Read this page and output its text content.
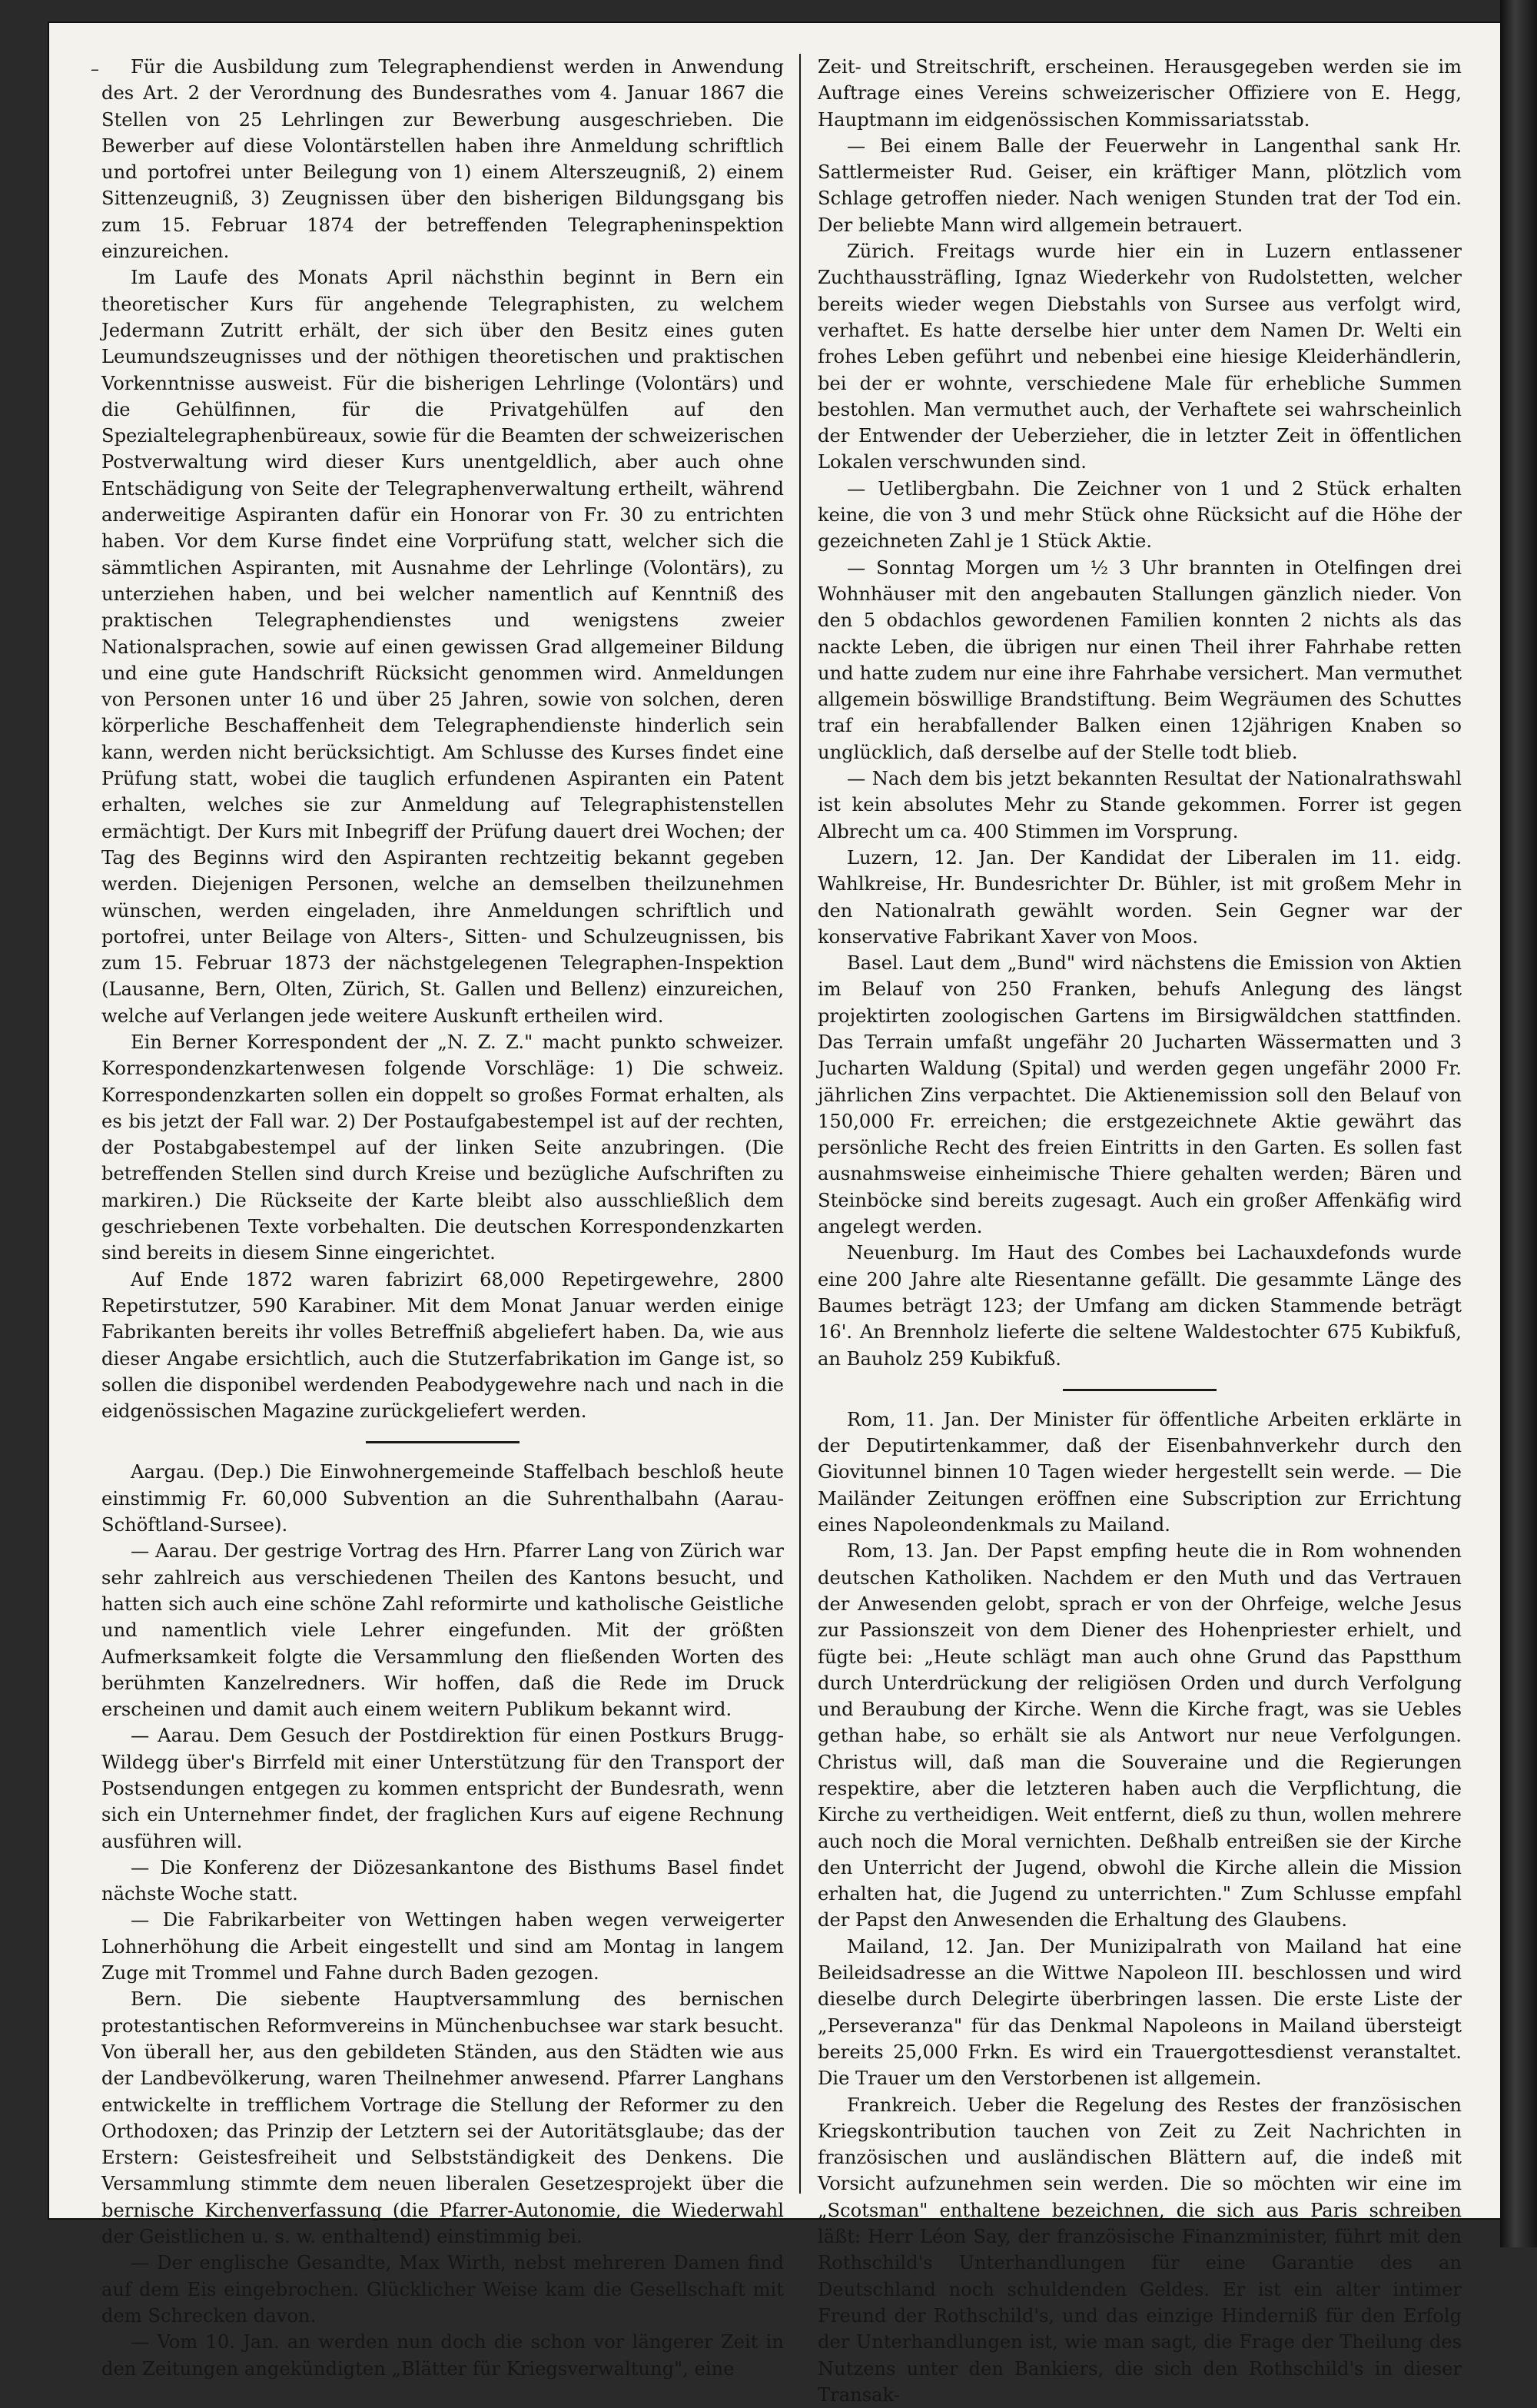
–	Für die Ausbildung zum Telegraphendienst werden in Anwendung des Art. 2 der Verordnung des Bundesrathes vom 4. Januar 1867 die Stellen von 25 Lehrlingen zur Bewerbung ausgeschrieben. Die Bewerber auf diese Volontärstellen haben ihre Anmeldung schriftlich und portofrei unter Beilegung von 1) einem Alterszeugniß, 2) einem Sittenzeugniß, 3) Zeugnissen über den bisherigen Bildungsgang bis zum 15. Februar 1874 der betreffenden Telegrapheninspektion einzureichen.

Im Laufe des Monats April nächsthin beginnt in Bern ein theoretischer Kurs für angehende Telegraphisten, zu welchem Jedermann Zutritt erhält, der sich über den Besitz eines guten Leumundszeugnisses und der nöthigen theoretischen und praktischen Vorkenntnisse ausweist. Für die bisherigen Lehrlinge (Volontärs) und die Gehülfinnen, für die Privatgehülfen auf den Spezialtelegraphenbüreaux, sowie für die Beamten der schweizerischen Postverwaltung wird dieser Kurs unentgeldlich, aber auch ohne Entschädigung von Seite der Telegraphenverwaltung ertheilt, während anderweitige Aspiranten dafür ein Honorar von Fr. 30 zu entrichten haben. Vor dem Kurse findet eine Vorprüfung statt, welcher sich die sämmtlichen Aspiranten, mit Ausnahme der Lehrlinge (Volontärs), zu unterziehen haben, und bei welcher namentlich auf Kenntniß des praktischen Telegraphendienstes und wenigstens zweier Nationalsprachen, sowie auf einen gewissen Grad allgemeiner Bildung und eine gute Handschrift Rücksicht genommen wird. Anmeldungen von Personen unter 16 und über 25 Jahren, sowie von solchen, deren körperliche Beschaffenheit dem Telegraphendienste hinderlich sein kann, werden nicht berücksichtigt. Am Schlusse des Kurses findet eine Prüfung statt, wobei die tauglich erfundenen Aspiranten ein Patent erhalten, welches sie zur Anmeldung auf Telegraphistenstellen ermächtigt. Der Kurs mit Inbegriff der Prüfung dauert drei Wochen; der Tag des Beginns wird den Aspiranten rechtzeitig bekannt gegeben werden. Diejenigen Personen, welche an demselben theilzunehmen wünschen, werden eingeladen, ihre Anmeldungen schriftlich und portofrei, unter Beilage von Alters-, Sitten- und Schulzeugnissen, bis zum 15. Februar 1873 der nächstgelegenen Telegraphen-Inspektion (Lausanne, Bern, Olten, Zürich, St. Gallen und Bellenz) einzureichen, welche auf Verlangen jede weitere Auskunft ertheilen wird.

Ein Berner Korrespondent der „N. Z. Z." macht punkto schweizer. Korrespondenzkartenwesen folgende Vorschläge: 1) Die schweiz. Korrespondenzkarten sollen ein doppelt so großes Format erhalten, als es bis jetzt der Fall war. 2) Der Postaufgabestempel ist auf der rechten, der Postabgabestempel auf der linken Seite anzubringen. (Die betreffenden Stellen sind durch Kreise und bezügliche Aufschriften zu markiren.) Die Rückseite der Karte bleibt also ausschließlich dem geschriebenen Texte vorbehalten. Die deutschen Korrespondenzkarten sind bereits in diesem Sinne eingerichtet.

Auf Ende 1872 waren fabrizirt 68,000 Repetirgewehre, 2800 Repetirstutzer, 590 Karabiner. Mit dem Monat Januar werden einige Fabrikanten bereits ihr volles Betreffniß abgeliefert haben. Da, wie aus dieser Angabe ersichtlich, auch die Stutzerfabrikation im Gange ist, so sollen die disponibel werdenden Peabodygewehre nach und nach in die eidgenössischen Magazine zurückgeliefert werden.

Aargau. (Dep.) Die Einwohnergemeinde Staffelbach beschloß heute einstimmig Fr. 60,000 Subvention an die Suhrenthalbahn (Aarau-Schöftland-Sursee).

— Aarau. Der gestrige Vortrag des Hrn. Pfarrer Lang von Zürich war sehr zahlreich aus verschiedenen Theilen des Kantons besucht, und hatten sich auch eine schöne Zahl reformirte und katholische Geistliche und namentlich viele Lehrer eingefunden. Mit der größten Aufmerksamkeit folgte die Versammlung den fließenden Worten des berühmten Kanzelredners. Wir hoffen, daß die Rede im Druck erscheinen und damit auch einem weitern Publikum bekannt wird.

— Aarau. Dem Gesuch der Postdirektion für einen Postkurs Brugg-Wildegg über's Birrfeld mit einer Unterstützung für den Transport der Postsendungen entgegen zu kommen entspricht der Bundesrath, wenn sich ein Unternehmer findet, der fraglichen Kurs auf eigene Rechnung ausführen will.

— Die Konferenz der Diözesankantone des Bisthums Basel findet nächste Woche statt.

— Die Fabrikarbeiter von Wettingen haben wegen verweigerter Lohnerhöhung die Arbeit eingestellt und sind am Montag in langem Zuge mit Trommel und Fahne durch Baden gezogen.

Bern. Die siebente Hauptversammlung des bernischen protestantischen Reformvereins in Münchenbuchsee war stark besucht. Von überall her, aus den gebildeten Ständen, aus den Städten wie aus der Landbevölkerung, waren Theilnehmer anwesend. Pfarrer Langhans entwickelte in trefflichem Vortrage die Stellung der Reformer zu den Orthodoxen; das Prinzip der Letztern sei der Autoritätsglaube; das der Erstern: Geistesfreiheit und Selbstständigkeit des Denkens. Die Versammlung stimmte dem neuen liberalen Gesetzesprojekt über die bernische Kirchenverfassung (die Pfarrer-Autonomie, die Wiederwahl der Geistlichen u. s. w. enthaltend) einstimmig bei.

— Der englische Gesandte, Max Wirth, nebst mehreren Damen find auf dem Eis eingebrochen. Glücklicher Weise kam die Gesellschaft mit dem Schrecken davon.

— Vom 10. Jan. an werden nun doch die schon vor längerer Zeit in den Zeitungen angekündigten „Blätter für Kriegsverwaltung", eine

Zeit- und Streitschrift, erscheinen. Herausgegeben werden sie im Auftrage eines Vereins schweizerischer Offiziere von E. Hegg, Hauptmann im eidgenössischen Kommissariatsstab.

— Bei einem Balle der Feuerwehr in Langenthal sank Hr. Sattlermeister Rud. Geiser, ein kräftiger Mann, plötzlich vom Schlage getroffen nieder. Nach wenigen Stunden trat der Tod ein. Der beliebte Mann wird allgemein betrauert.

Zürich. Freitags wurde hier ein in Luzern entlassener Zuchthaussträfling, Ignaz Wiederkehr von Rudolstetten, welcher bereits wieder wegen Diebstahls von Sursee aus verfolgt wird, verhaftet. Es hatte derselbe hier unter dem Namen Dr. Welti ein frohes Leben geführt und nebenbei eine hiesige Kleiderhändlerin, bei der er wohnte, verschiedene Male für erhebliche Summen bestohlen. Man vermuthet auch, der Verhaftete sei wahrscheinlich der Entwender der Ueberzieher, die in letzter Zeit in öffentlichen Lokalen verschwunden sind.

— Uetlibergbahn. Die Zeichner von 1 und 2 Stück erhalten keine, die von 3 und mehr Stück ohne Rücksicht auf die Höhe der gezeichneten Zahl je 1 Stück Aktie.

— Sonntag Morgen um ½ 3 Uhr brannten in Otelfingen drei Wohnhäuser mit den angebauten Stallungen gänzlich nieder. Von den 5 obdachlos gewordenen Familien konnten 2 nichts als das nackte Leben, die übrigen nur einen Theil ihrer Fahrhabe retten und hatte zudem nur eine ihre Fahrhabe versichert. Man vermuthet allgemein böswillige Brandstiftung. Beim Wegräumen des Schuttes traf ein herabfallender Balken einen 12jährigen Knaben so unglücklich, daß derselbe auf der Stelle todt blieb.

— Nach dem bis jetzt bekannten Resultat der Nationalrathswahl ist kein absolutes Mehr zu Stande gekommen. Forrer ist gegen Albrecht um ca. 400 Stimmen im Vorsprung.

Luzern, 12. Jan. Der Kandidat der Liberalen im 11. eidg. Wahlkreise, Hr. Bundesrichter Dr. Bühler, ist mit großem Mehr in den Nationalrath gewählt worden. Sein Gegner war der konservative Fabrikant Xaver von Moos.

Basel. Laut dem „Bund" wird nächstens die Emission von Aktien im Belauf von 250 Franken, behufs Anlegung des längst projektirten zoologischen Gartens im Birsigwäldchen stattfinden. Das Terrain umfaßt ungefähr 20 Jucharten Wässermatten und 3 Jucharten Waldung (Spital) und werden gegen ungefähr 2000 Fr. jährlichen Zins verpachtet. Die Aktienemission soll den Belauf von 150,000 Fr. erreichen; die erstgezeichnete Aktie gewährt das persönliche Recht des freien Eintritts in den Garten. Es sollen fast ausnahmsweise einheimische Thiere gehalten werden; Bären und Steinböcke sind bereits zugesagt. Auch ein großer Affenkäfig wird angelegt werden.

Neuenburg. Im Haut des Combes bei Lachauxdefonds wurde eine 200 Jahre alte Riesentanne gefällt. Die gesammte Länge des Baumes beträgt 123; der Umfang am dicken Stammende beträgt 16'. An Brennholz lieferte die seltene Waldestochter 675 Kubikfuß, an Bauholz 259 Kubikfuß.

Rom, 11. Jan. Der Minister für öffentliche Arbeiten erklärte in der Deputirtenkammer, daß der Eisenbahnverkehr durch den Giovitunnel binnen 10 Tagen wieder hergestellt sein werde. — Die Mailänder Zeitungen eröffnen eine Subscription zur Errichtung eines Napoleondenkmals zu Mailand.

Rom, 13. Jan. Der Papst empfing heute die in Rom wohnenden deutschen Katholiken. Nachdem er den Muth und das Vertrauen der Anwesenden gelobt, sprach er von der Ohrfeige, welche Jesus zur Passionszeit von dem Diener des Hohenpriester erhielt, und fügte bei: „Heute schlägt man auch ohne Grund das Papstthum durch Unterdrückung der religiösen Orden und durch Verfolgung und Beraubung der Kirche. Wenn die Kirche fragt, was sie Uebles gethan habe, so erhält sie als Antwort nur neue Verfolgungen. Christus will, daß man die Souveraine und die Regierungen respektire, aber die letzteren haben auch die Verpflichtung, die Kirche zu vertheidigen. Weit entfernt, dieß zu thun, wollen mehrere auch noch die Moral vernichten. Deßhalb entreißen sie der Kirche den Unterricht der Jugend, obwohl die Kirche allein die Mission erhalten hat, die Jugend zu unterrichten." Zum Schlusse empfahl der Papst den Anwesenden die Erhaltung des Glaubens.

Mailand, 12. Jan. Der Munizipalrath von Mailand hat eine Beileidsadresse an die Wittwe Napoleon III. beschlossen und wird dieselbe durch Delegirte überbringen lassen. Die erste Liste der „Perseveranza" für das Denkmal Napoleons in Mailand übersteigt bereits 25,000 Frkn. Es wird ein Trauergottesdienst veranstaltet. Die Trauer um den Verstorbenen ist allgemein.

Frankreich. Ueber die Regelung des Restes der französischen Kriegskontribution tauchen von Zeit zu Zeit Nachrichten in französischen und ausländischen Blättern auf, die indeß mit Vorsicht aufzunehmen sein werden. Die so möchten wir eine im „Scotsman" enthaltene bezeichnen, die sich aus Paris schreiben läßt: Herr Léon Say, der französische Finanzminister, führt mit den Rothschild's Unterhandlungen für eine Garantie des an Deutschland noch schuldenden Geldes. Er ist ein alter intimer Freund der Rothschild's, und das einzige Hinderniß für den Erfolg der Unterhandlungen ist, wie man sagt, die Frage der Theilung des Nutzens unter den Bankiers, die sich den Rothschild's in dieser Transak-
